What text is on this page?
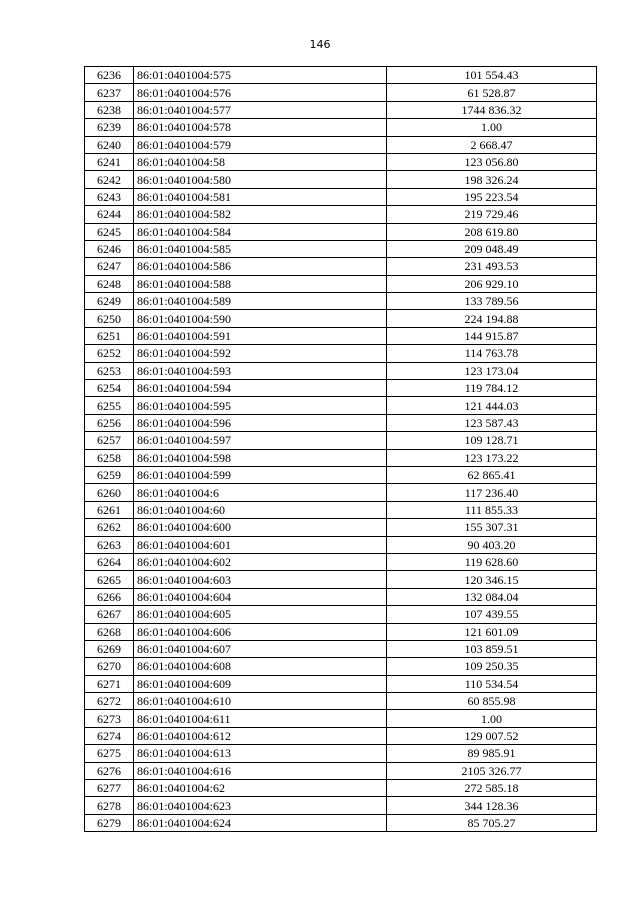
146
6236	86:01:0401004:575	101 554.43
6237	86:01:0401004:576	61 528.87
6238	86:01:0401004:577	1744 836.32
6239	86:01:0401004:578	1.00
6240	86:01:0401004:579	2 668.47
6241	86:01:0401004:58	123 056.80
6242	86:01:0401004:580	198 326.24
6243	86:01:0401004:581	195 223.54
6244	86:01:0401004:582	219 729.46
6245	86:01:0401004:584	208 619.80
6246	86:01:0401004:585	209 048.49
6247	86:01:0401004:586	231 493.53
6248	86:01:0401004:588	206 929.10
6249	86:01:0401004:589	133 789.56
6250	86:01:0401004:590	224 194.88
6251	86:01:0401004:591	144 915.87
6252	86:01:0401004:592	114 763.78
6253	86:01:0401004:593	123 173.04
6254	86:01:0401004:594	119 784.12
6255	86:01:0401004:595	121 444.03
6256	86:01:0401004:596	123 587.43
6257	86:01:0401004:597	109 128.71
6258	86:01:0401004:598	123 173.22
6259	86:01:0401004:599	62 865.41
6260	86:01:0401004:6	117 236.40
6261	86:01:0401004:60	111 855.33
6262	86:01:0401004:600	155 307.31
6263	86:01:0401004:601	90 403.20
6264	86:01:0401004:602	119 628.60
6265	86:01:0401004:603	120 346.15
6266	86:01:0401004:604	132 084.04
6267	86:01:0401004:605	107 439.55
6268	86:01:0401004:606	121 601.09
6269	86:01:0401004:607	103 859.51
6270	86:01:0401004:608	109 250.35
6271	86:01:0401004:609	110 534.54
6272	86:01:0401004:610	60 855.98
6273	86:01:0401004:611	1.00
6274	86:01:0401004:612	129 007.52
6275	86:01:0401004:613	89 985.91
6276	86:01:0401004:616	2105 326.77
6277	86:01:0401004:62	272 585.18
6278	86:01:0401004:623	344 128.36
6279	86:01:0401004:624	85 705.27
